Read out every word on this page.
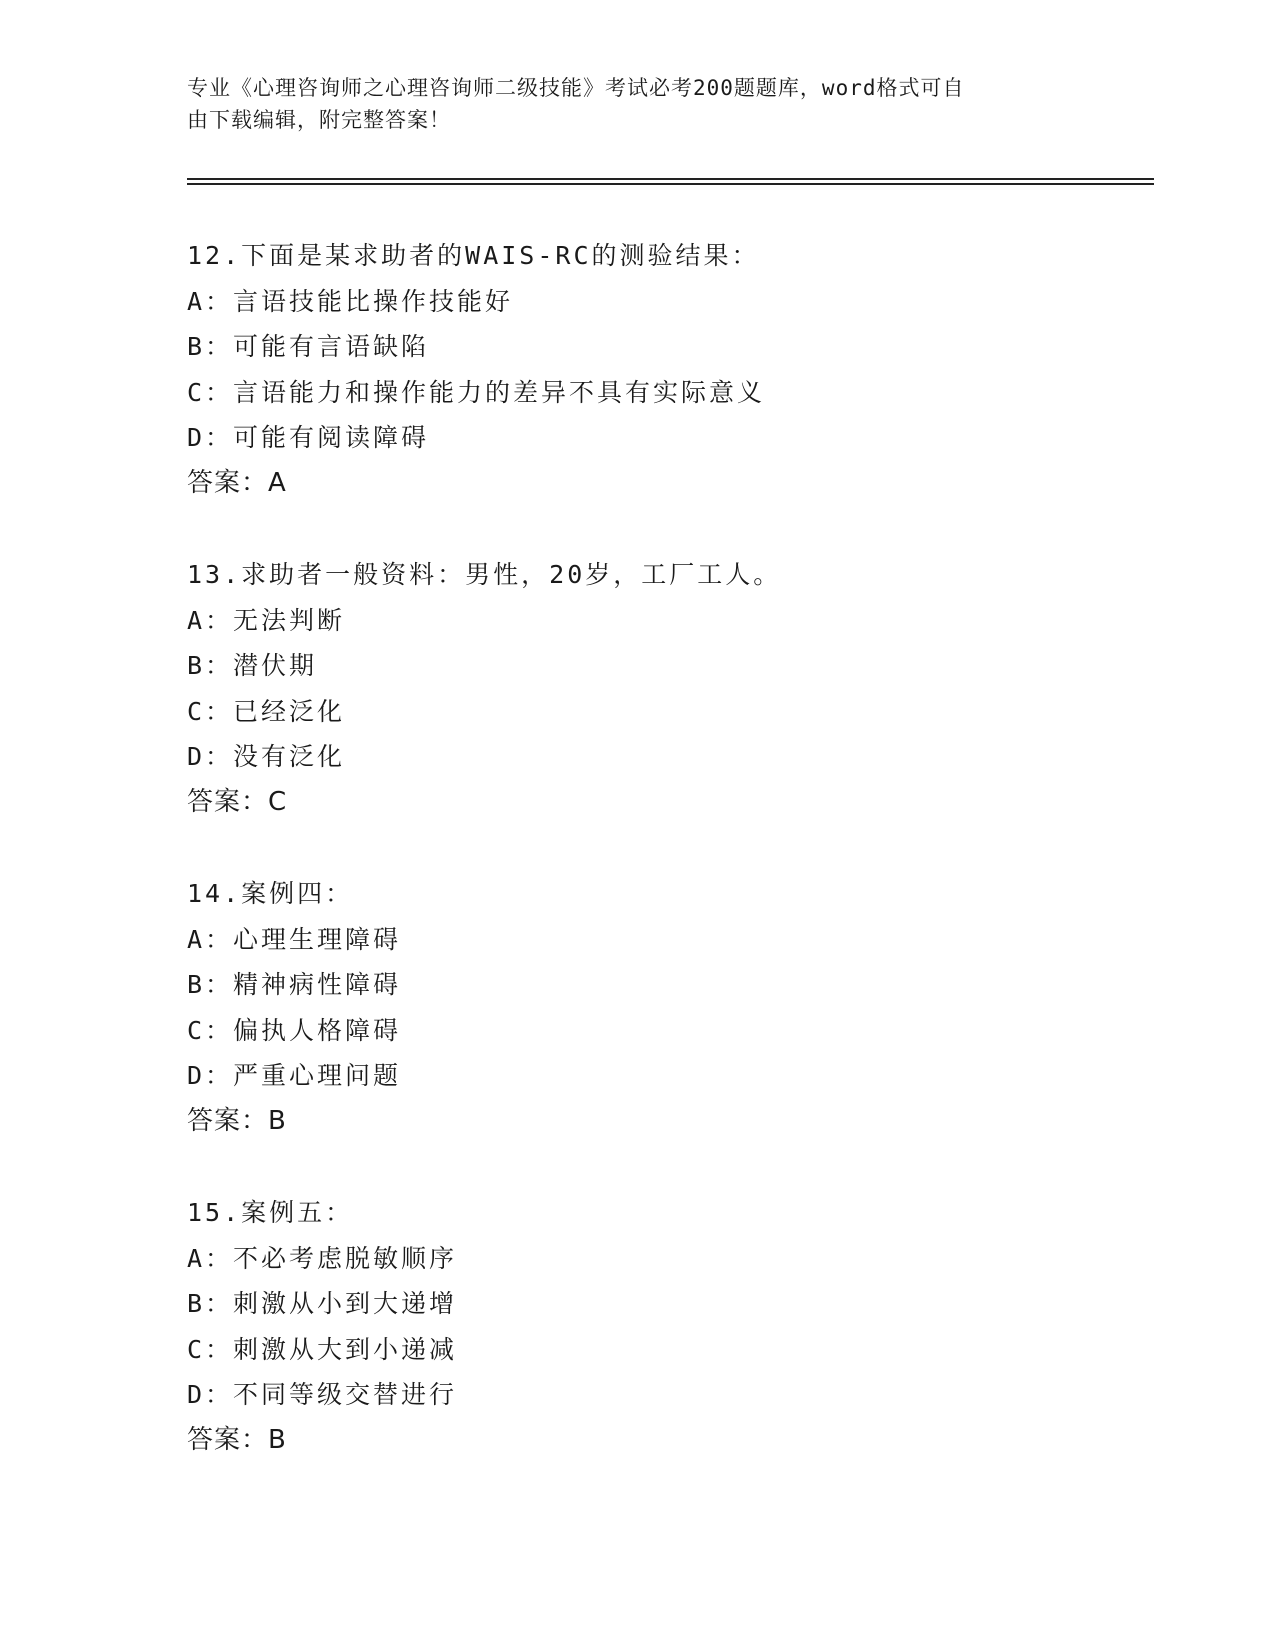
专业《心理咨询师之心理咨询师二级技能》考试必考200题题库，word格式可自
由下载编辑，附完整答案！
12.下面是某求助者的WAIS-RC的测验结果：
A：言语技能比操作技能好
B：可能有言语缺陷
C：言语能力和操作能力的差异不具有实际意义
D：可能有阅读障碍
答案：A
13.求助者一般资料：男性，20岁，工厂工人。
A：无法判断
B：潜伏期
C：已经泛化
D：没有泛化
答案：C
14.案例四：
A：心理生理障碍
B：精神病性障碍
C：偏执人格障碍
D：严重心理问题
答案：B
15.案例五：
A：不必考虑脱敏顺序
B：刺激从小到大递增
C：刺激从大到小递减
D：不同等级交替进行
答案：B
